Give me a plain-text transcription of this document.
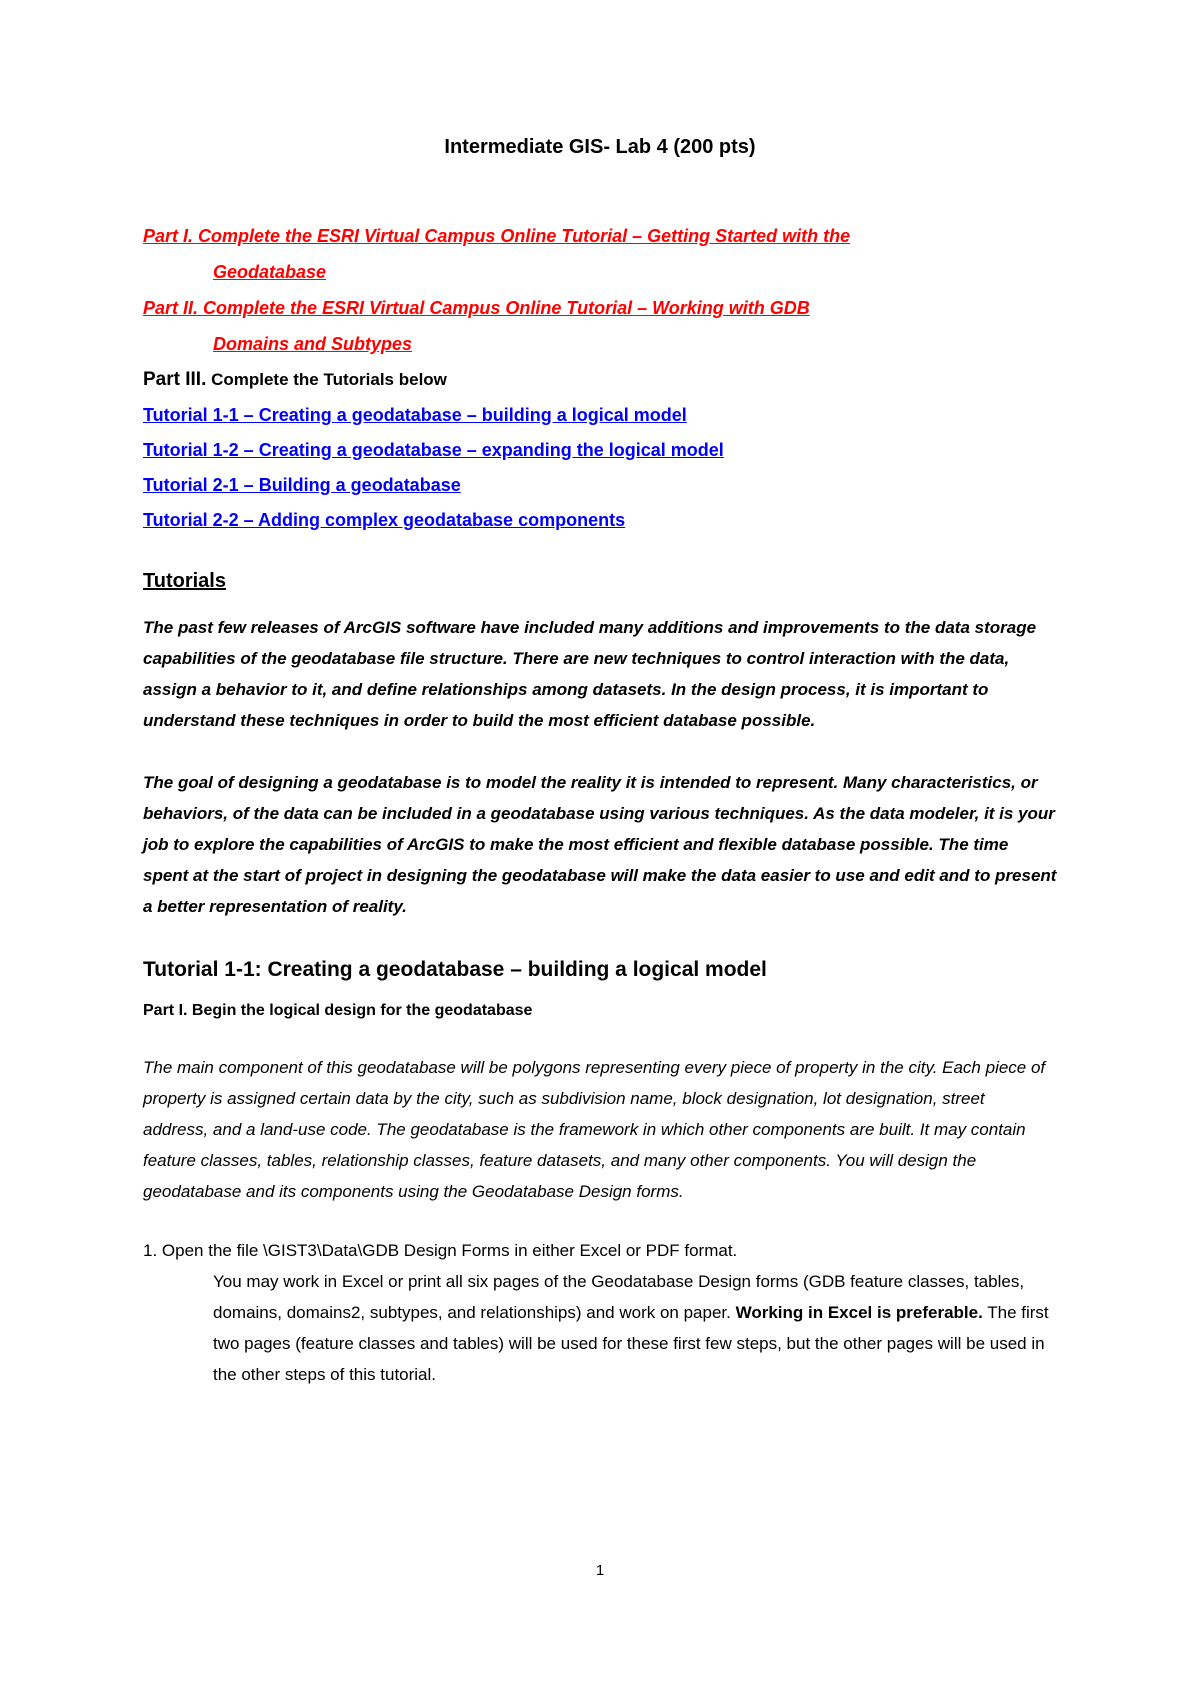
Intermediate GIS- Lab 4 (200 pts)

Part I. Complete the ESRI Virtual Campus Online Tutorial – Getting Started with the

Geodatabase

Part II. Complete the ESRI Virtual Campus Online Tutorial – Working with GDB

Domains and Subtypes

Part III. Complete the Tutorials below

Tutorial 1-1 – Creating a geodatabase – building a logical model

Tutorial 1-2 – Creating a geodatabase – expanding the logical model

Tutorial 2-1 – Building a geodatabase

Tutorial 2-2 – Adding complex geodatabase components

Tutorials

The past few releases of ArcGIS software have included many additions and improvements to the data storage capabilities of the geodatabase file structure. There are new techniques to control interaction with the data, assign a behavior to it, and define relationships among datasets. In the design process, it is important to understand these techniques in order to build the most efficient database possible.

The goal of designing a geodatabase is to model the reality it is intended to represent. Many characteristics, or behaviors, of the data can be included in a geodatabase using various techniques. As the data modeler, it is your job to explore the capabilities of ArcGIS to make the most efficient and flexible database possible. The time spent at the start of project in designing the geodatabase will make the data easier to use and edit and to present a better representation of reality.

Tutorial 1-1: Creating a geodatabase – building a logical model
Part I. Begin the logical design for the geodatabase

The main component of this geodatabase will be polygons representing every piece of property in the city. Each piece of property is assigned certain data by the city, such as subdivision name, block designation, lot designation, street address, and a land-use code. The geodatabase is the framework in which other components are built. It may contain feature classes, tables, relationship classes, feature datasets, and many other components. You will design the geodatabase and its components using the Geodatabase Design forms.

1. Open the file \GIST3\Data\GDB Design Forms in either Excel or PDF format.

You may work in Excel or print all six pages of the Geodatabase Design forms (GDB feature classes, tables, domains, domains2, subtypes, and relationships) and work on paper. Working in Excel is preferable. The first two pages (feature classes and tables) will be used for these first few steps, but the other pages will be used in the other steps of this tutorial.

1
